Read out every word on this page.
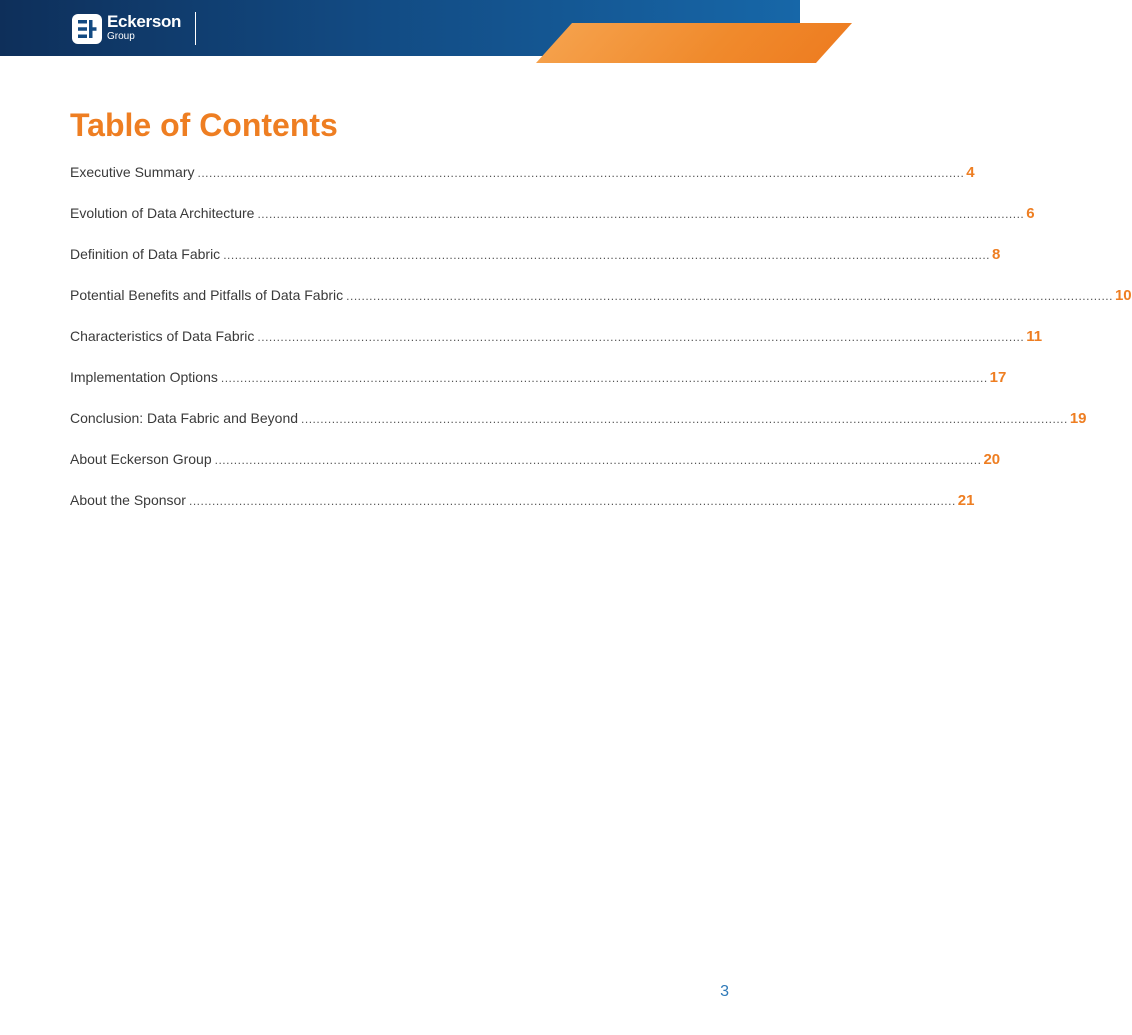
Eckerson
Group
Table of Contents
Executive Summary ........................................................................................................................................................................................................ 4
Evolution of Data Architecture ........................................................................................................................................................................................................ 6
Definition of Data Fabric ........................................................................................................................................................................................................ 8
Potential Benefits and Pitfalls of Data Fabric ........................................................................................................................................................................................................ 10
Characteristics of Data Fabric ........................................................................................................................................................................................................ 11
Implementation Options ........................................................................................................................................................................................................ 17
Conclusion: Data Fabric and Beyond ........................................................................................................................................................................................................ 19
About Eckerson Group ........................................................................................................................................................................................................ 20
About the Sponsor ........................................................................................................................................................................................................ 21
3
